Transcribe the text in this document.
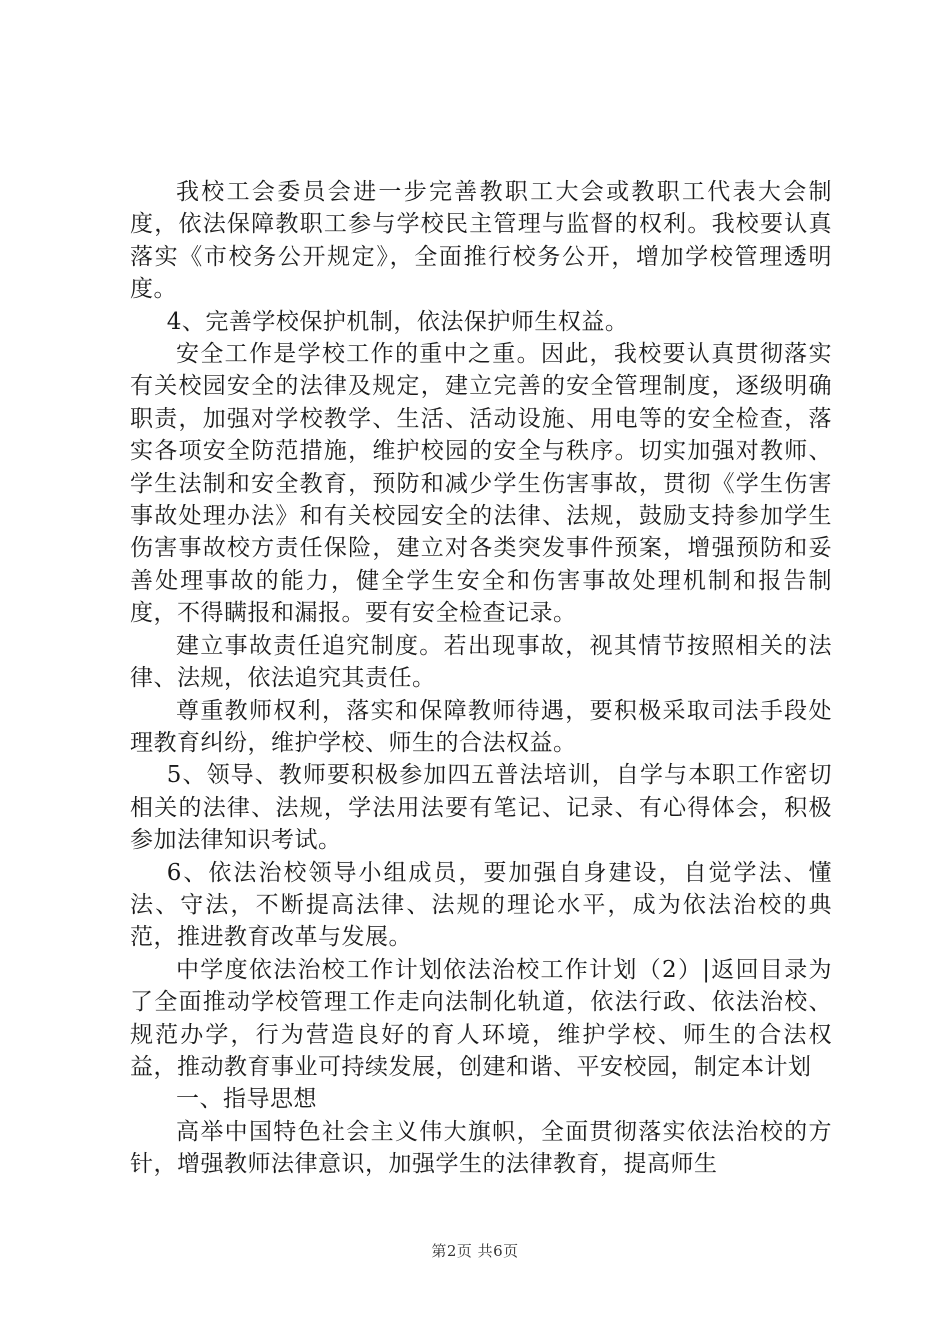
我校工会委员会进一步完善教职工大会或教职工代表大会制度，依法保障教职工参与学校民主管理与监督的权利。我校要认真落实《市校务公开规定》，全面推行校务公开，增加学校管理透明度。

4、完善学校保护机制，依法保护师生权益。

安全工作是学校工作的重中之重。因此，我校要认真贯彻落实有关校园安全的法律及规定，建立完善的安全管理制度，逐级明确职责，加强对学校教学、生活、活动设施、用电等的安全检查，落实各项安全防范措施，维护校园的安全与秩序。切实加强对教师、学生法制和安全教育，预防和减少学生伤害事故，贯彻《学生伤害事故处理办法》和有关校园安全的法律、法规，鼓励支持参加学生伤害事故校方责任保险，建立对各类突发事件预案，增强预防和妥善处理事故的能力，健全学生安全和伤害事故处理机制和报告制度，不得瞒报和漏报。要有安全检查记录。

建立事故责任追究制度。若出现事故，视其情节按照相关的法律、法规，依法追究其责任。

尊重教师权利，落实和保障教师待遇，要积极采取司法手段处理教育纠纷，维护学校、师生的合法权益。

5、领导、教师要积极参加四五普法培训，自学与本职工作密切相关的法律、法规，学法用法要有笔记、记录、有心得体会，积极参加法律知识考试。

6、依法治校领导小组成员，要加强自身建设，自觉学法、懂法、守法，不断提高法律、法规的理论水平，成为依法治校的典范，推进教育改革与发展。

中学度依法治校工作计划依法治校工作计划（2）|返回目录为了全面推动学校管理工作走向法制化轨道，依法行政、依法治校、规范办学，行为营造良好的育人环境，维护学校、师生的合法权益，推动教育事业可持续发展，创建和谐、平安校园，制定本计划

一、指导思想

高举中国特色社会主义伟大旗帜，全面贯彻落实依法治校的方针，增强教师法律意识，加强学生的法律教育，提高师生

第2页 共6页
